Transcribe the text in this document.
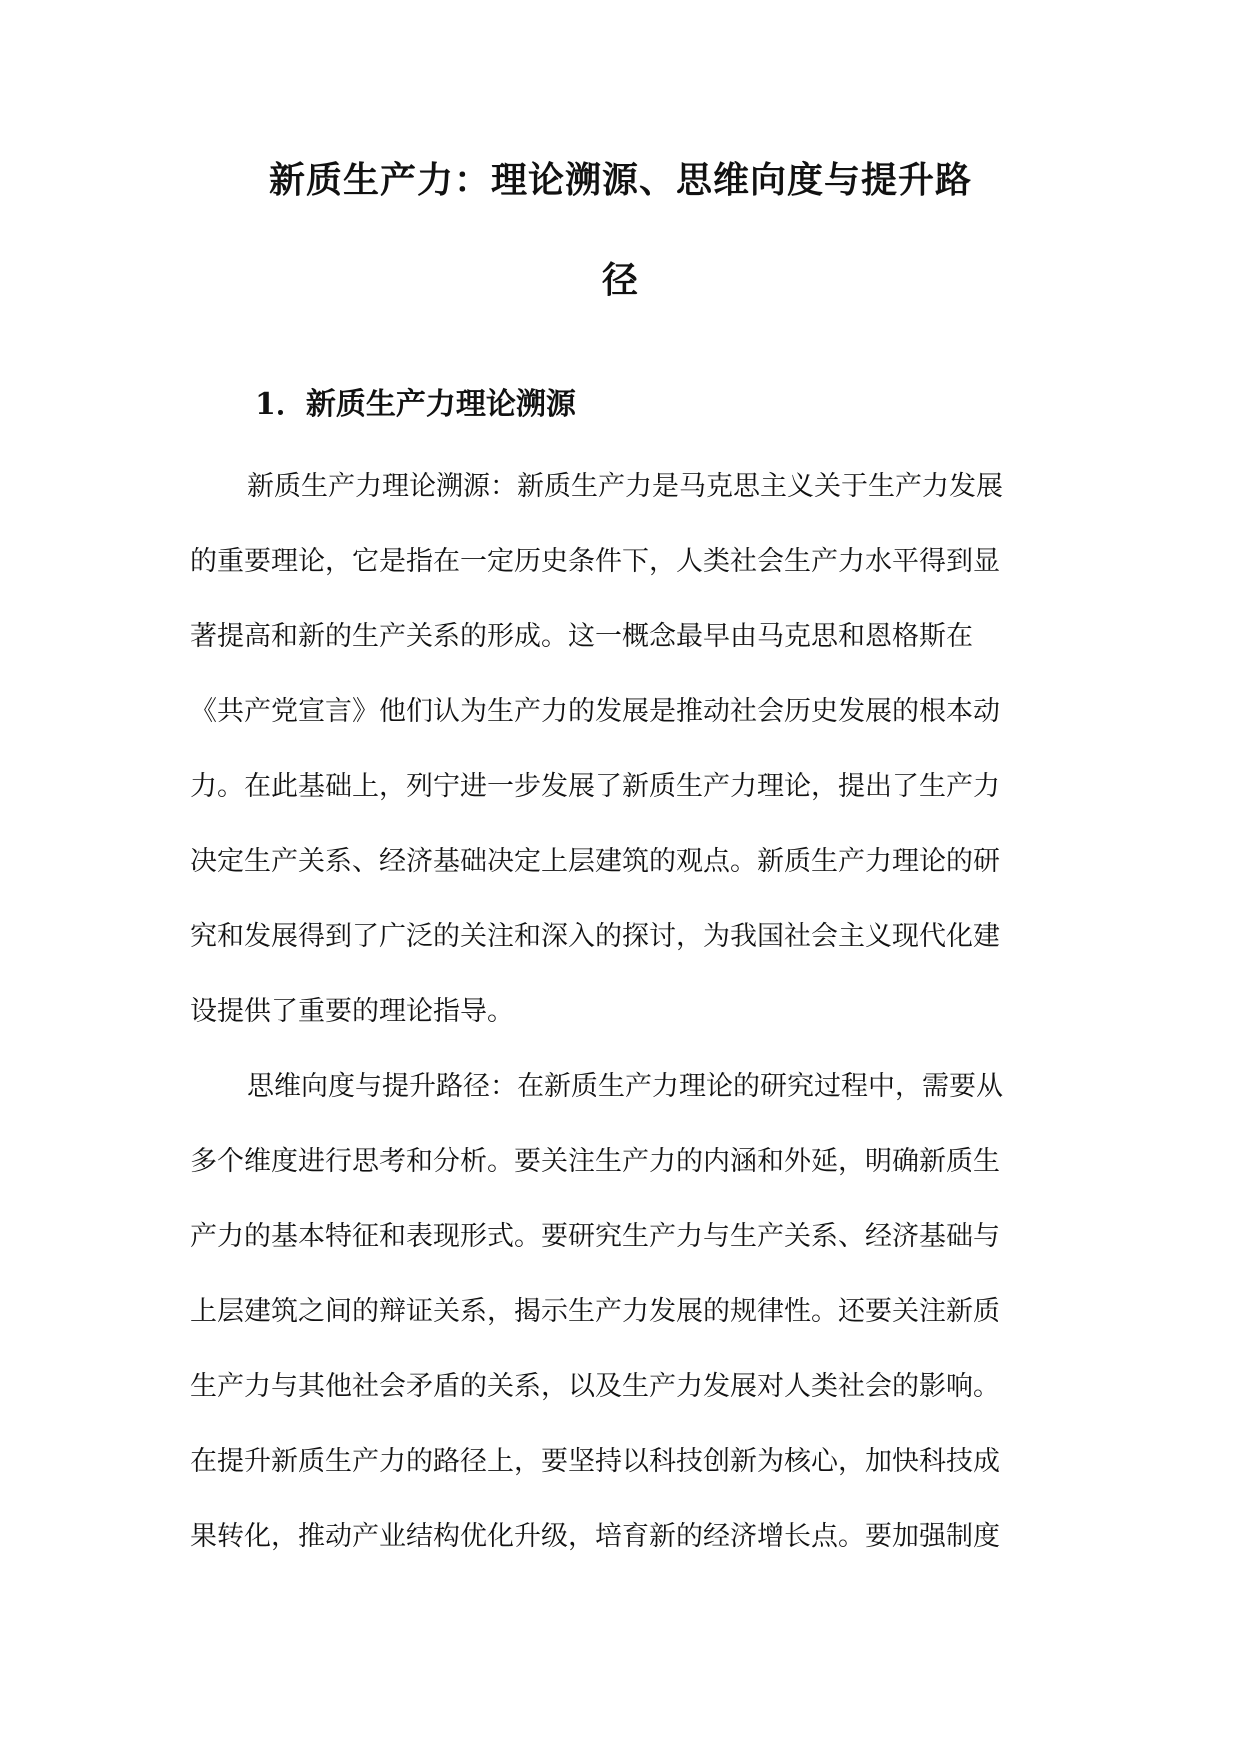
新质生产力：理论溯源、思维向度与提升路
径
1．新质生产力理论溯源
新质生产力理论溯源：新质生产力是马克思主义关于生产力发展
的重要理论，它是指在一定历史条件下，人类社会生产力水平得到显
著提高和新的生产关系的形成。这一概念最早由马克思和恩格斯在
《共产党宣言》他们认为生产力的发展是推动社会历史发展的根本动
力。在此基础上，列宁进一步发展了新质生产力理论，提出了生产力
决定生产关系、经济基础决定上层建筑的观点。新质生产力理论的研
究和发展得到了广泛的关注和深入的探讨，为我国社会主义现代化建
设提供了重要的理论指导。
思维向度与提升路径：在新质生产力理论的研究过程中，需要从
多个维度进行思考和分析。要关注生产力的内涵和外延，明确新质生
产力的基本特征和表现形式。要研究生产力与生产关系、经济基础与
上层建筑之间的辩证关系，揭示生产力发展的规律性。还要关注新质
生产力与其他社会矛盾的关系，以及生产力发展对人类社会的影响。
在提升新质生产力的路径上，要坚持以科技创新为核心，加快科技成
果转化，推动产业结构优化升级，培育新的经济增长点。要加强制度
